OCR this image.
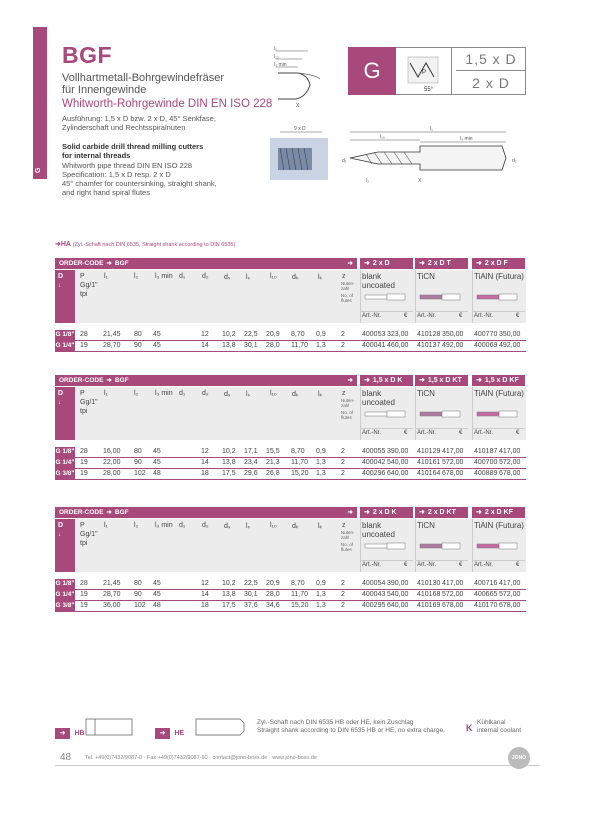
G
BGF
Vollhartmetall-Bohrgewindefräser
für Innengewinde
Whitworth-Rohrgewinde DIN EN ISO 228
Ausführung: 1,5 x D bzw. 2 x D, 45° Senkfase,
Zylinderschaft und Rechtsspiralnuten
Solid carbide drill thread milling cutters
for internal threads
Whitworth pipe thread DIN EN ISO 228
Specification: 1,5 x D resp. 2 x D
45° chamfer for countersinking, straight shank,
and right hand spiral flutes
l₁
l₁₀
l₃ min
X
G	P
55°
1,5 x D
2 x D
9 x D	l₁
l₁₀	l₃ min
d₁	d₂
X
l₂
➜HA (Zyl.-Schaft nach DIN 6535, Straight shank according to DIN 6535)
ORDER-CODE ➜ BGF	➜	➜ 2 x D	➜ 2 x D T	➜ 2 x D F
D
↓
P	l₁	l₂ l₃ min d₁ d₂ dₛ lₛ	l₁₀ dₖ	lₖ	z
Gg/1"
tpi
Nuten-zahl
No. of flutes
blank
uncoated
Art.-Nr.	€
TiCN
Art.-Nr.	€
TiAlN (Futura)
Art.-Nr.	€
G 1/8" 28 21,45 80 45	12 10,2 22,5 20,9 8,70 0,9 2 400053 323,00 410128 350,00 400770 350,00
G 1/4" 19 28,70 90 45	14 13,8 30,1 28,0 11,70 1,3 2 400041 460,00 410137 492,00 400069 492,00
ORDER-CODE ➜ BGF	➜	➜ 1,5 x D K	➜ 1,5 x D KT	➜ 1,5 x D KF
D
↓
P	l₁	l₂ l₃ min d₁ d₂ dₛ lₛ	l₁₀ dₖ	lₖ	z
Gg/1"
tpi
Nuten-zahl
No. of flutes
blank
uncoated
Art.-Nr.	€
TiCN
Art.-Nr.	€
TiAlN (Futura)
Art.-Nr.	€
G 1/8" 28 16,00 80 45	12 10,2 17,1 15,5 8,70 0,9 2 400055 390,00 410129 417,00 410187 417,00
G 1/4" 19 22,00 90 45	14 13,8 23,4 21,3 11,70 1,3 2 400042 540,00 410161 572,00 400700 572,00
G 3/8" 19 28,00 102 48	18 17,5 29,6 26,8 15,20 1,3 2 400296 640,00 410164 678,00 400889 678,00
ORDER-CODE ➜ BGF	➜	➜ 2 x D K	➜ 2 x D KT	➜ 2 x D KF
D
↓
P	l₁	l₂ l₃ min d₁ d₂ dₛ lₛ	l₁₀ dₖ	lₖ	z
Gg/1"
tpi
Nuten-zahl
No. of flutes
blank
uncoated
Art.-Nr.	€
TiCN
Art.-Nr.	€
TiAlN (Futura)
Art.-Nr.	€
G 1/8" 28 21,45 80 45	12 10,2 22,5 20,9 8,70 0,9 2 400054 390,00 410130 417,00 400716 417,00
G 1/4" 19 28,70 90 45	14 13,8 30,1 28,0 11,70 1,3 2 400043 540,00 410168 572,00 400665 572,00
G 3/8" 19 36,00 102 48	18 17,5 37,6 34,6 15,20 1,3 2 400295 640,00 410169 678,00 410170 678,00
➜ HB	➜ HE
Zyl.-Schaft nach DIN 6535 HB oder HE, kein Zuschlag
Straight shank according to DIN 6535 HB or HE, no extra charge. K
Kühlkanal
internal coolant
48	Tel. +49(0)7432/9087-0 · Fax +49(0)7432/9087-60 · contact@jono-boss.de · www.jono-boss.de	JONO
